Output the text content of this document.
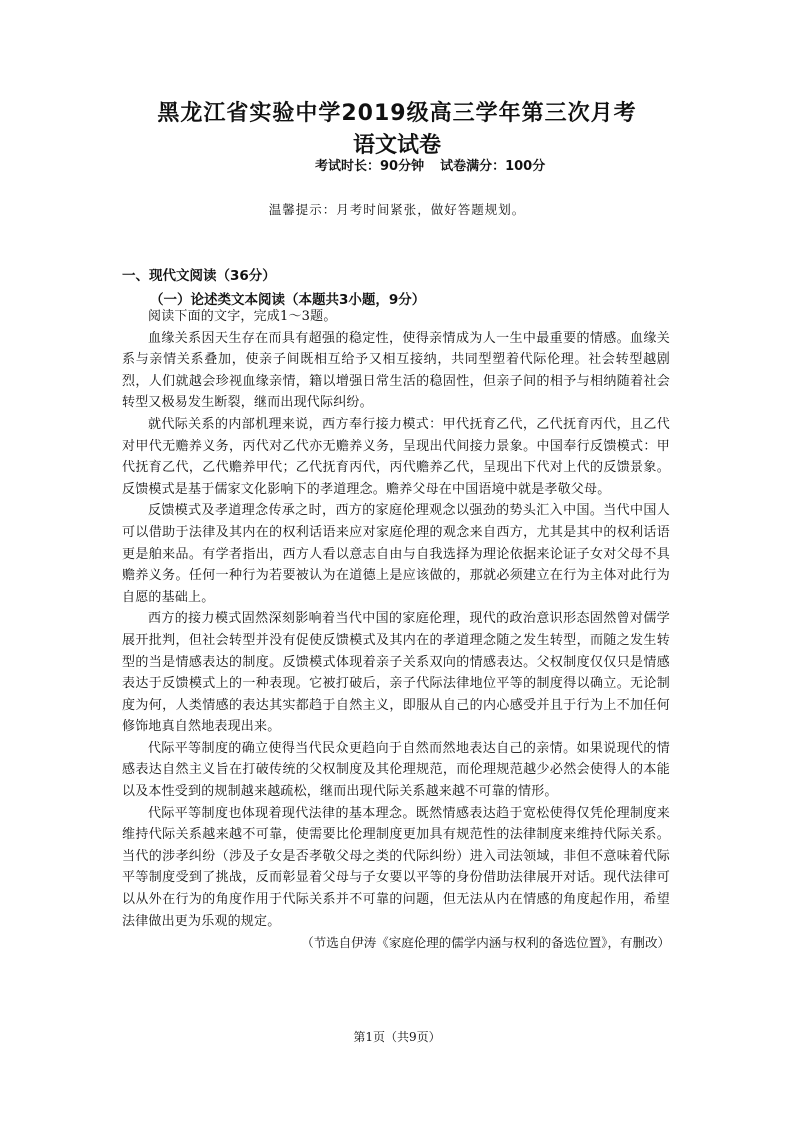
黑龙江省实验中学2019级高三学年第三次月考
语文试卷
考试时长：90分钟 试卷满分：100分
温馨提示：月考时间紧张，做好答题规划。
一、现代文阅读（36分）
（一）论述类文本阅读（本题共3小题，9分）

阅读下面的文字，完成1～3题。

血缘关系因天生存在而具有超强的稳定性，使得亲情成为人一生中最重要的情感。血缘关系与亲情关系叠加，使亲子间既相互给予又相互接纳，共同型塑着代际伦理。社会转型越剧烈，人们就越会珍视血缘亲情，籍以增强日常生活的稳固性，但亲子间的相予与相纳随着社会转型又极易发生断裂，继而出现代际纠纷。

就代际关系的内部机理来说，西方奉行接力模式：甲代抚育乙代，乙代抚育丙代，且乙代对甲代无赡养义务，丙代对乙代亦无赡养义务，呈现出代间接力景象。中国奉行反馈模式：甲代抚育乙代，乙代赡养甲代；乙代抚育丙代，丙代赡养乙代，呈现出下代对上代的反馈景象。反馈模式是基于儒家文化影响下的孝道理念。赡养父母在中国语境中就是孝敬父母。

反馈模式及孝道理念传承之时，西方的家庭伦理观念以强劲的势头汇入中国。当代中国人可以借助于法律及其内在的权利话语来应对家庭伦理的观念来自西方，尤其是其中的权利话语更是舶来品。有学者指出，西方人看以意志自由与自我选择为理论依据来论证子女对父母不具赡养义务。任何一种行为若要被认为在道德上是应该做的，那就必须建立在行为主体对此行为自愿的基础上。

西方的接力模式固然深刻影响着当代中国的家庭伦理，现代的政治意识形态固然曾对儒学展开批判，但社会转型并没有促使反馈模式及其内在的孝道理念随之发生转型，而随之发生转型的当是情感表达的制度。反馈模式体现着亲子关系双向的情感表达。父权制度仅仅只是情感表达于反馈模式上的一种表现。它被打破后，亲子代际法律地位平等的制度得以确立。无论制度为何，人类情感的表达其实都趋于自然主义，即服从自己的内心感受并且于行为上不加任何修饰地真自然地表现出来。

代际平等制度的确立使得当代民众更趋向于自然而然地表达自己的亲情。如果说现代的情感表达自然主义旨在打破传统的父权制度及其伦理规范，而伦理规范越少必然会使得人的本能以及本性受到的规制越来越疏松，继而出现代际关系越来越不可靠的情形。

代际平等制度也体现着现代法律的基本理念。既然情感表达趋于宽松使得仅凭伦理制度来维持代际关系越来越不可靠，使需要比伦理制度更加具有规范性的法律制度来维持代际关系。当代的涉孝纠纷（涉及子女是否孝敬父母之类的代际纠纷）进入司法领域，非但不意味着代际平等制度受到了挑战，反而彰显着父母与子女要以平等的身份借助法律展开对话。现代法律可以从外在行为的角度作用于代际关系并不可靠的问题，但无法从内在情感的角度起作用，希望法律做出更为乐观的规定。

（节选自伊涛《家庭伦理的儒学内涵与权利的备选位置》，有删改）

第1页（共9页）
